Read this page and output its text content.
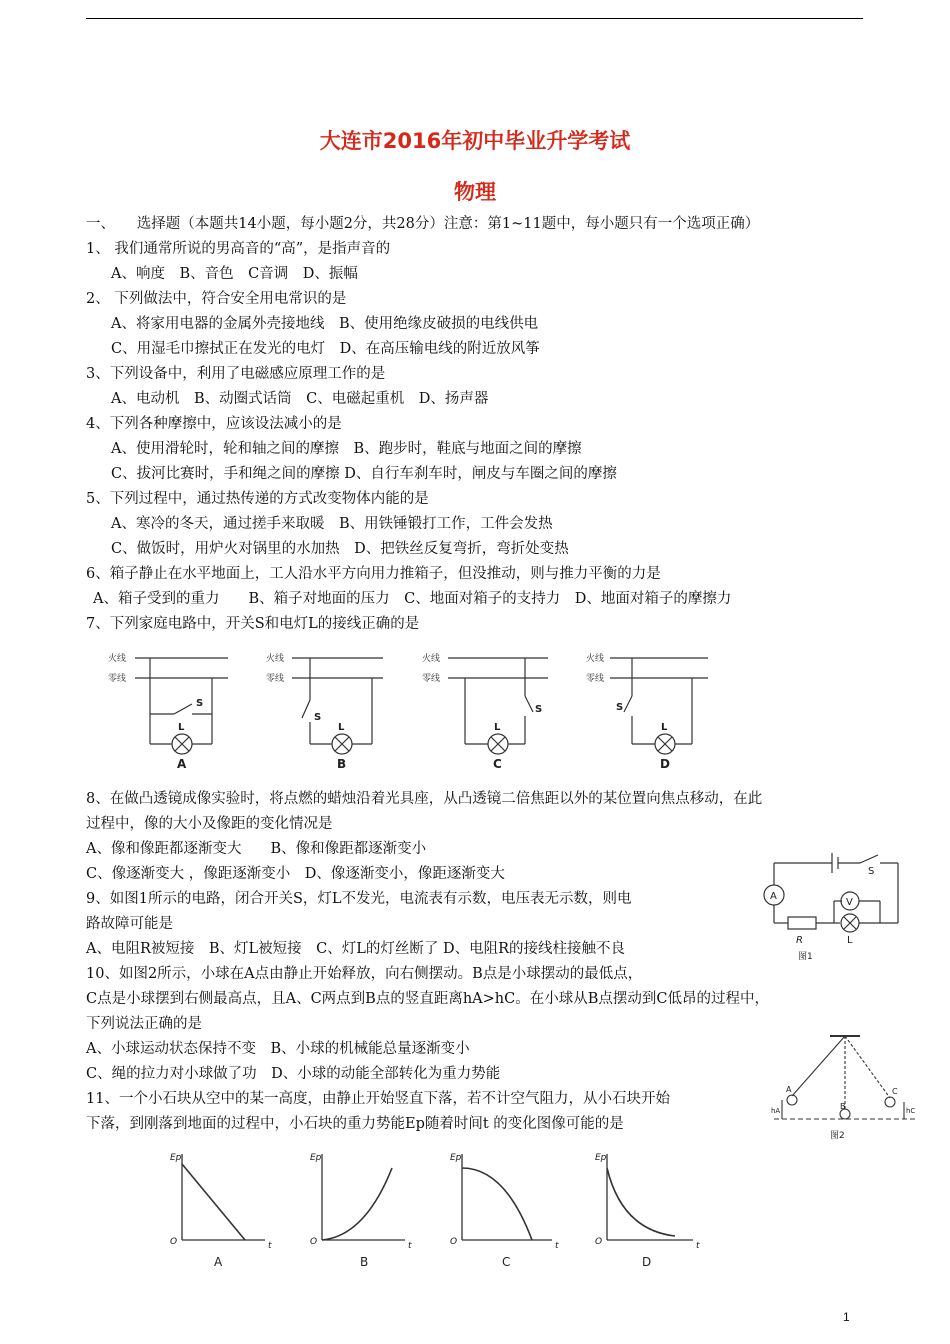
大连市2016年初中毕业升学考试
物理
一、　　选择题（本题共14小题，每小题2分，共28分）注意：第1~11题中，每小题只有一个选项正确）
1、 我们通常所说的男高音的“高”，是指声音的
A、响度　B、音色　C音调　D、振幅
2、 下列做法中，符合安全用电常识的是
A、将家用电器的金属外壳接地线　B、使用绝缘皮破损的电线供电
C、用湿毛巾擦拭正在发光的电灯　D、在高压输电线的附近放风筝
3、下列设备中，利用了电磁感应原理工作的是
A、电动机　B、动圈式话筒　C、电磁起重机　D、扬声器
4、下列各种摩擦中，应该设法减小的是
A、使用滑轮时，轮和轴之间的摩擦　B、跑步时，鞋底与地面之间的摩擦
C、拔河比赛时，手和绳之间的摩擦 D、自行车刹车时，闸皮与车圈之间的摩擦
5、下列过程中，通过热传递的方式改变物体内能的是
A、寒冷的冬天，通过搓手来取暖　B、用铁锤锻打工作，工件会发热
C、做饭时，用炉火对锅里的水加热　D、把铁丝反复弯折，弯折处变热
6、箱子静止在水平地面上，工人沿水平方向用力推箱子，但没推动，则与推力平衡的力是
A、箱子受到的重力　　B、箱子对地面的压力　C、地面对箱子的支持力　D、地面对箱子的摩擦力
7、下列家庭电路中，开关S和电灯L的接线正确的是
火线
零线
火线
零线
火线
零线
火线
零线
S
S
S	S
L	L	L	L
A	B	C	D
8、在做凸透镜成像实验时，将点燃的蜡烛沿着光具座，从凸透镜二倍焦距以外的某位置向焦点移动，在此
过程中，像的大小及像距的变化情况是
A、像和像距都逐渐变大　　B、像和像距都逐渐变小
C、像逐渐变大 ，像距逐渐变小　D、像逐渐变小，像距逐渐变大
9、如图1所示的电路，闭合开关S，灯L不发光，电流表有示数，电压表无示数，则电
路故障可能是
A、电阻R被短接　B、灯L被短接　C、灯L的灯丝断了 D、电阻R的接线柱接触不良
A
V
S
R	L
图1
10、如图2所示，小球在A点由静止开始释放，向右侧摆动。B点是小球摆动的最低点，
C点是小球摆到右侧最高点，且A、C两点到B点的竖直距离hA>hC。在小球从B点摆动到C低昂的过程中，
下列说法正确的是
A、小球运动状态保持不变　B、小球的机械能总量逐渐变小
C、绳的拉力对小球做了功　D、小球的动能全部转化为重力势能
11、一个小石块从空中的某一高度，由静止开始竖直下落，若不计空气阻力，从小石块开始
下落，到刚落到地面的过程中，小石块的重力势能Ep随着时间t 的变化图像可能的是
A
B
C
hA	hC
图2
Ep	Ep	Ep	Ep
t	t	t	t
O	O	O	O
A	B	C	D
1
